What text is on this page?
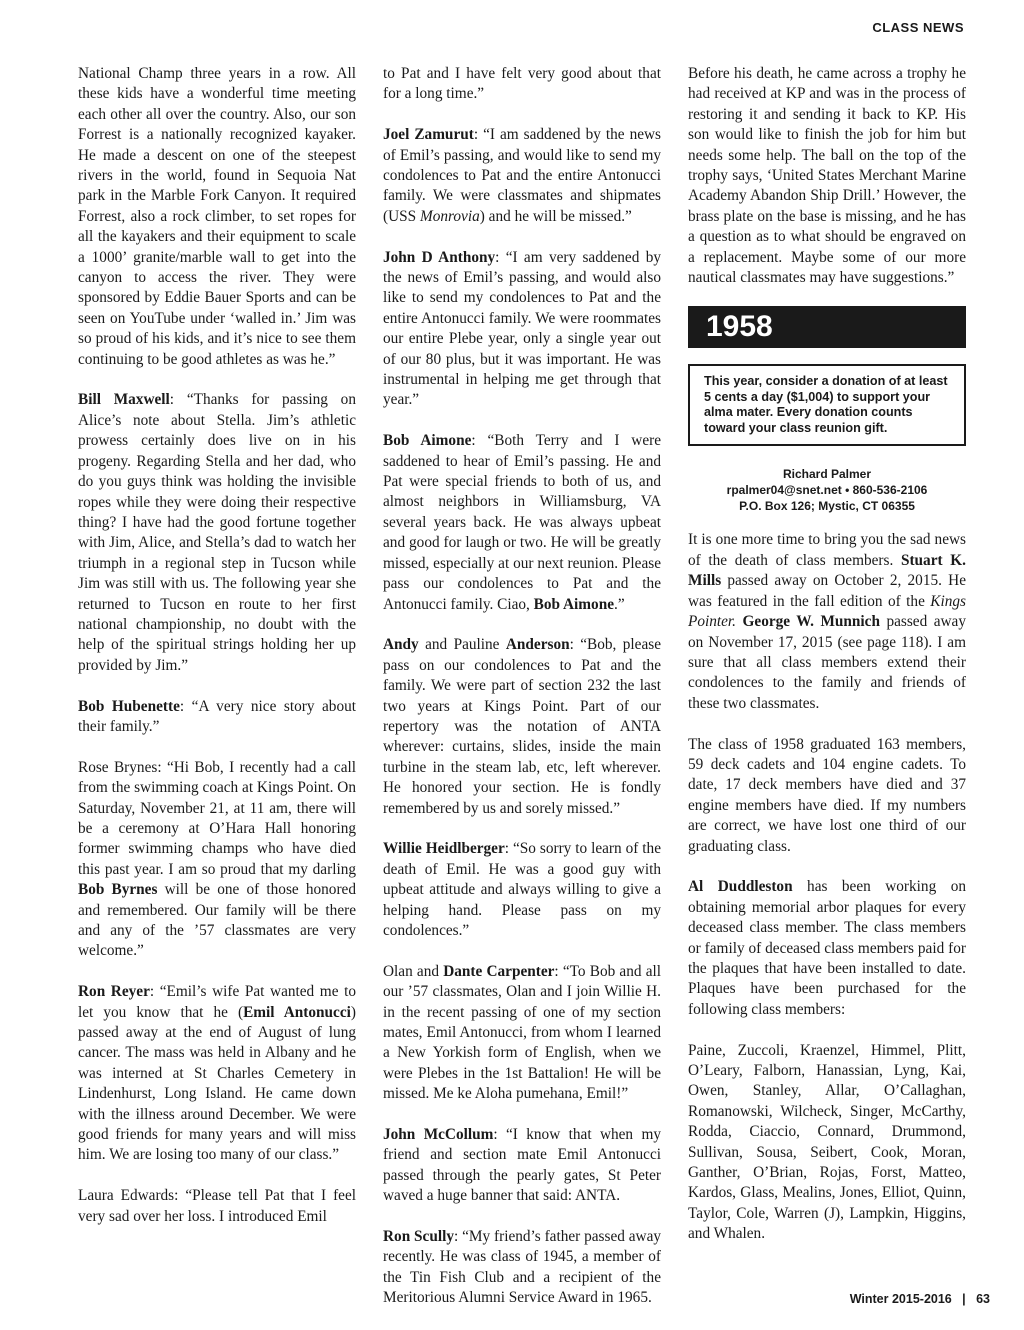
CLASS NEWS

National Champ three years in a row. All these kids have a wonderful time meeting each other all over the country. Also, our son Forrest is a nationally recognized kayaker. He made a descent on one of the steepest rivers in the world, found in Sequoia Nat park in the Marble Fork Canyon. It required Forrest, also a rock climber, to set ropes for all the kayakers and their equipment to scale a 1000’ granite/marble wall to get into the canyon to access the river. They were sponsored by Eddie Bauer Sports and can be seen on YouTube under ‘walled in.’ Jim was so proud of his kids, and it’s nice to see them continuing to be good athletes as was he.”

Bill Maxwell: “Thanks for passing on Alice’s note about Stella. Jim’s athletic prowess certainly does live on in his progeny. Regarding Stella and her dad, who do you guys think was holding the invisible ropes while they were doing their respective thing? I have had the good fortune together with Jim, Alice, and Stella’s dad to watch her triumph in a regional step in Tucson while Jim was still with us. The following year she returned to Tucson en route to her first national championship, no doubt with the help of the spiritual strings holding her up provided by Jim.”

Bob Hubenette: “A very nice story about their family.”

Rose Brynes: “Hi Bob, I recently had a call from the swimming coach at Kings Point. On Saturday, November 21, at 11 am, there will be a ceremony at O’Hara Hall honoring former swimming champs who have died this past year. I am so proud that my darling Bob Byrnes will be one of those honored and remembered. Our family will be there and any of the ’57 classmates are very welcome.”

Ron Reyer: “Emil’s wife Pat wanted me to let you know that he (Emil Antonucci) passed away at the end of August of lung cancer. The mass was held in Albany and he was interned at St Charles Cemetery in Lindenhurst, Long Island. He came down with the illness around December. We were good friends for many years and will miss him. We are losing too many of our class.”

Laura Edwards: “Please tell Pat that I feel very sad over her loss. I introduced Emil

to Pat and I have felt very good about that for a long time.”

Joel Zamurut: “I am saddened by the news of Emil’s passing, and would like to send my condolences to Pat and the entire Antonucci family. We were classmates and shipmates (USS Monrovia) and he will be missed.”

John D Anthony: “I am very saddened by the news of Emil’s passing, and would also like to send my condolences to Pat and the entire Antonucci family. We were roommates our entire Plebe year, only a single year out of our 80 plus, but it was important. He was instrumental in helping me get through that year.”

Bob Aimone: “Both Terry and I were saddened to hear of Emil’s passing. He and Pat were special friends to both of us, and almost neighbors in Williamsburg, VA several years back. He was always upbeat and good for laugh or two. He will be greatly missed, especially at our next reunion. Please pass our condolences to Pat and the Antonucci family. Ciao, Bob Aimone.”

Andy and Pauline Anderson: “Bob, please pass on our condolences to Pat and the family. We were part of section 232 the last two years at Kings Point. Part of our repertory was the notation of ANTA wherever: curtains, slides, inside the main turbine in the steam lab, etc, left wherever. He honored your section. He is fondly remembered by us and sorely missed.”

Willie Heidlberger: “So sorry to learn of the death of Emil. He was a good guy with upbeat attitude and always willing to give a helping hand. Please pass on my condolences.”

Olan and Dante Carpenter: “To Bob and all our ’57 classmates, Olan and I join Willie H. in the recent passing of one of my section mates, Emil Antonucci, from whom I learned a New Yorkish form of English, when we were Plebes in the 1st Battalion! He will be missed. Me ke Aloha pumehana, Emil!”

John McCollum: “I know that when my friend and section mate Emil Antonucci passed through the pearly gates, St Peter waved a huge banner that said: ANTA.

Ron Scully: “My friend’s father passed away recently. He was class of 1945, a member of the Tin Fish Club and a recipient of the Meritorious Alumni Service Award in 1965.

Before his death, he came across a trophy he had received at KP and was in the process of restoring it and sending it back to KP. His son would like to finish the job for him but needs some help. The ball on the top of the trophy says, ‘United States Merchant Marine Academy Abandon Ship Drill.’ However, the brass plate on the base is missing, and he has a question as to what should be engraved on a replacement. Maybe some of our more nautical classmates may have suggestions.”

1958
This year, consider a donation of at least 5 cents a day ($1,004) to support your alma mater. Every donation counts toward your class reunion gift.
Richard Palmer
rpalmer04@snet.net • 860-536-2106
P.O. Box 126; Mystic, CT 06355

It is one more time to bring you the sad news of the death of class members. Stuart K. Mills passed away on October 2, 2015. He was featured in the fall edition of the Kings Pointer. George W. Munnich passed away on November 17, 2015 (see page 118). I am sure that all class members extend their condolences to the family and friends of these two classmates.

The class of 1958 graduated 163 members, 59 deck cadets and 104 engine cadets. To date, 17 deck members have died and 37 engine members have died. If my numbers are correct, we have lost one third of our graduating class.

Al Duddleston has been working on obtaining memorial arbor plaques for every deceased class member. The class members or family of deceased class members paid for the plaques that have been installed to date. Plaques have been purchased for the following class members:

Paine, Zuccoli, Kraenzel, Himmel, Plitt, O’Leary, Falborn, Hanassian, Lyng, Kai, Owen, Stanley, Allar, O’Callaghan, Romanowski, Wilcheck, Singer, McCarthy, Rodda, Ciaccio, Connard, Drummond, Sullivan, Sousa, Seibert, Cook, Moran, Ganther, O’Brian, Rojas, Forst, Matteo, Kardos, Glass, Mealins, Jones, Elliot, Quinn, Taylor, Cole, Warren (J), Lampkin, Higgins, and Whalen.

Winter 2015-2016 | 63
